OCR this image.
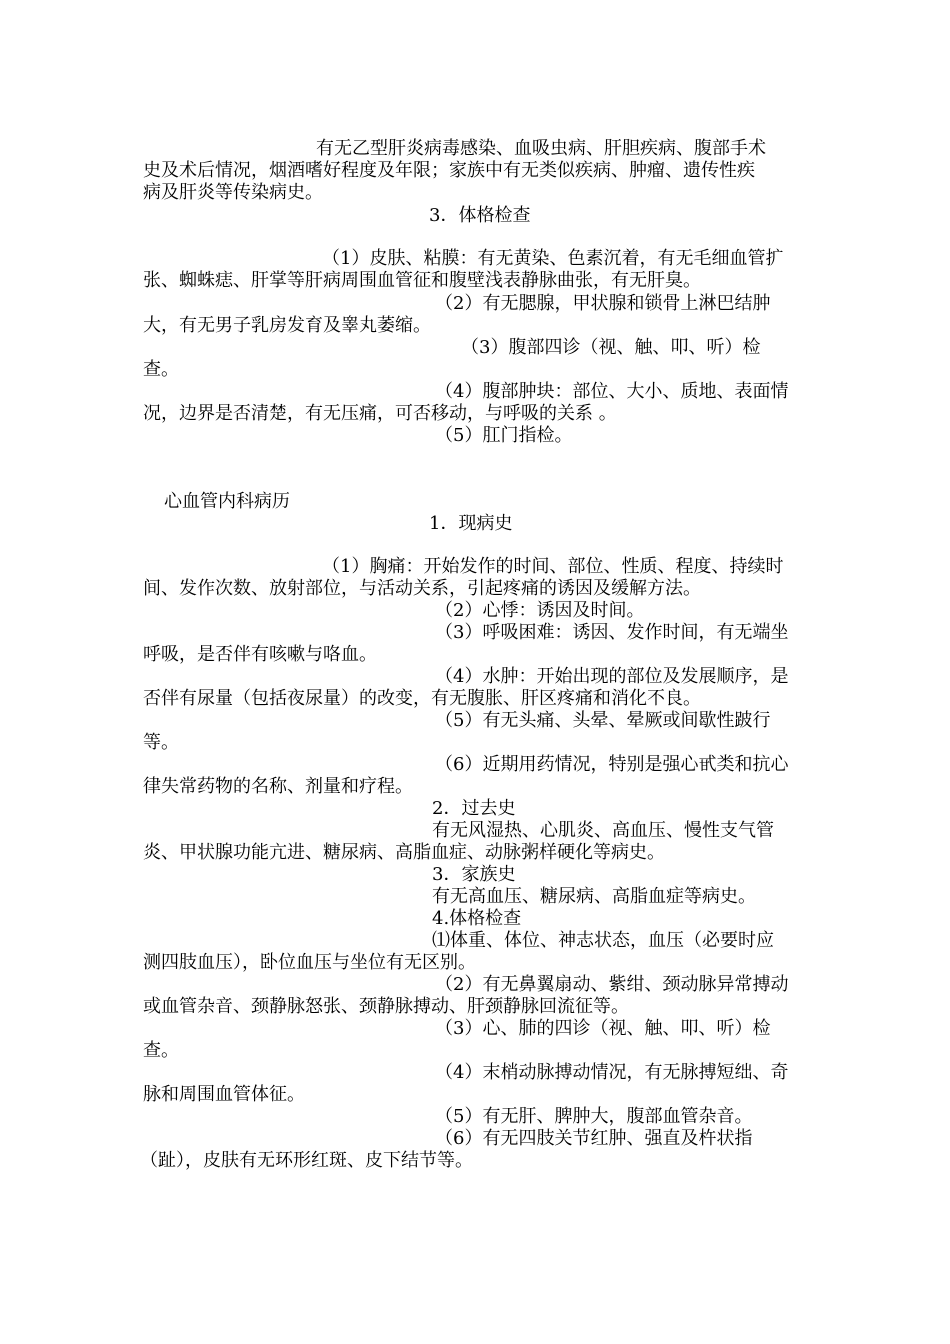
有无乙型肝炎病毒感染、血吸虫病、肝胆疾病、腹部手术
史及术后情况，烟酒嗜好程度及年限；家族中有无类似疾病、肿瘤、遗传性疾
病及肝炎等传染病史。
3．体格检查
（1）皮肤、粘膜：有无黄染、色素沉着，有无毛细血管扩
张、蜘蛛痣、肝掌等肝病周围血管征和腹壁浅表静脉曲张，有无肝臭。
（2）有无腮腺，甲状腺和锁骨上淋巴结肿
大，有无男子乳房发育及睾丸萎缩。
（3）腹部四诊（视、触、叩、听）检
查。
（4）腹部肿块：部位、大小、质地、表面情
况，边界是否清楚，有无压痛，可否移动，与呼吸的关系 。
（5）肛门指检。
心血管内科病历
1．现病史
（1）胸痛：开始发作的时间、部位、性质、程度、持续时
间、发作次数、放射部位，与活动关系，引起疼痛的诱因及缓解方法。
（2）心悸：诱因及时间。
（3）呼吸困难：诱因、发作时间，有无端坐
呼吸，是否伴有咳嗽与咯血。
（4）水肿：开始出现的部位及发展顺序，是
否伴有尿量（包括夜尿量）的改变，有无腹胀、肝区疼痛和消化不良。
（5）有无头痛、头晕、晕厥或间歇性跛行
等。
（6）近期用药情况，特别是强心甙类和抗心
律失常药物的名称、剂量和疗程。
2．过去史
有无风湿热、心肌炎、高血压、慢性支气管
炎、甲状腺功能亢进、糖尿病、高脂血症、动脉粥样硬化等病史。
3．家族史
有无高血压、糖尿病、高脂血症等病史。
4.体格检查
⑴体重、体位、神志状态，血压（必要时应
测四肢血压），卧位血压与坐位有无区别。
（2）有无鼻翼扇动、紫绀、颈动脉异常搏动
或血管杂音、颈静脉怒张、颈静脉搏动、肝颈静脉回流征等。
（3）心、肺的四诊（视、触、叩、听）检
查。
（4）末梢动脉搏动情况，有无脉搏短绌、奇
脉和周围血管体征。
（5）有无肝、脾肿大，腹部血管杂音。
（6）有无四肢关节红肿、强直及杵状指
（趾），皮肤有无环形红斑、皮下结节等。
